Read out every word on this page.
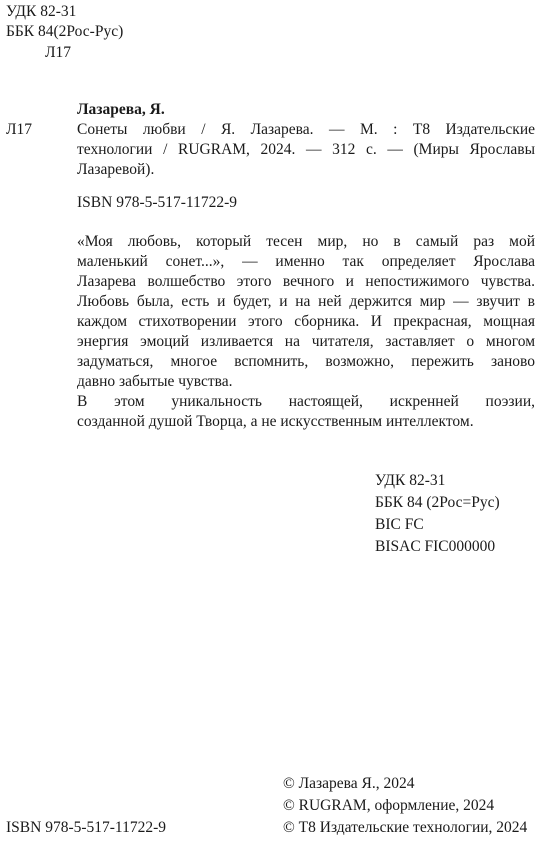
УДК 82-31
ББК 84(2Рос-Рус)
Л17
Л17
Лазарева, Я.
Сонеты любви / Я. Лазарева. — М. : Т8 Издательские
технологии / RUGRAM, 2024. — 312 с. — (Миры Ярославы
Лазаревой).
ISBN 978-5-517-11722-9
«Моя любовь, который тесен мир, но в самый раз мой
маленький сонет...», — именно так определяет Ярослава
Лазарева волшебство этого вечного и непостижимого чувства.
Любовь была, есть и будет, и на ней держится мир — звучит в
каждом стихотворении этого сборника. И прекрасная, мощная
энергия эмоций изливается на читателя, заставляет о многом
задуматься, многое вспомнить, возможно, пережить заново
давно забытые чувства.
В этом уникальность настоящей, искренней поэзии,
созданной душой Творца, а не искусственным интеллектом.
УДК 82-31
ББК 84 (2Рос=Рус)
BIC FC
BISAC FIC000000
ISBN 978-5-517-11722-9
© Лазарева Я., 2024
© RUGRAM, оформление, 2024
© Т8 Издательские технологии, 2024
